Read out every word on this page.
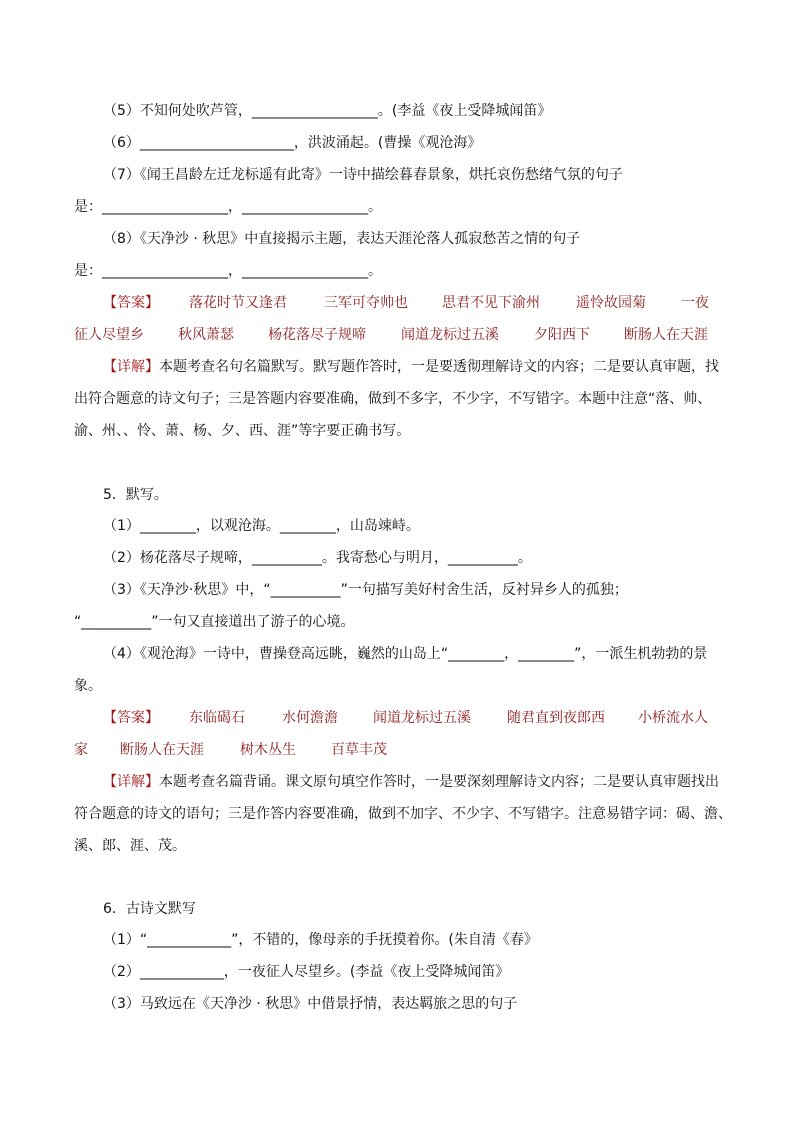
（5）不知何处吹芦管，__________________。(李益《夜上受降城闻笛》
（6）______________________，洪波涌起。(曹操《观沧海》
（7）《闻王昌龄左迁龙标遥有此寄》一诗中描绘暮春景象，烘托哀伤愁绪气氛的句子
是：__________________，__________________。
（8）《天净沙 · 秋思》中直接揭示主题，表达天涯沦落人孤寂愁苦之情的句子
是：__________________，__________________。
【答案】 落花时节又逢君	三军可夺帅也 思君不见下渝州	遥怜故园菊	一夜
征人尽望乡 秋风萧瑟 杨花落尽子规啼	闻道龙标过五溪	夕阳西下 断肠人在天涯
【详解】本题考查名句名篇默写。默写题作答时，一是要透彻理解诗文的内容；二是要认真审题，找
出符合题意的诗文句子；三是答题内容要准确，做到不多字，不少字，不写错字。本题中注意“落、帅、
渝、州、、怜、萧、杨、夕、西、涯”等字要正确书写。
5．默写。
（1）________，以观沧海。________，山岛竦峙。
（2）杨花落尽子规啼，__________。我寄愁心与明月，__________。
（3）《天净沙·秋思》中，“__________”一句描写美好村舍生活，反衬异乡人的孤独；
“__________”一句又直接道出了游子的心境。
（4）《观沧海》一诗中，曹操登高远眺，巍然的山岛上“________，________”，一派生机勃勃的景
象。
【答案】 东临碣石	水何澹澹	闻道龙标过五溪	随君直到夜郎西 小桥流水人
家 断肠人在天涯	树木丛生	百草丰茂
【详解】本题考查名篇背诵。课文原句填空作答时，一是要深刻理解诗文内容；二是要认真审题找出
符合题意的诗文的语句；三是作答内容要准确，做到不加字、不少字、不写错字。注意易错字词：碣、澹、
溪、郎、涯、茂。
6．古诗文默写
（1）“____________”，不错的，像母亲的手抚摸着你。(朱自清《春》
（2）____________，一夜征人尽望乡。(李益《夜上受降城闻笛》
（3）马致远在《天净沙 · 秋思》中借景抒情，表达羁旅之思的句子
